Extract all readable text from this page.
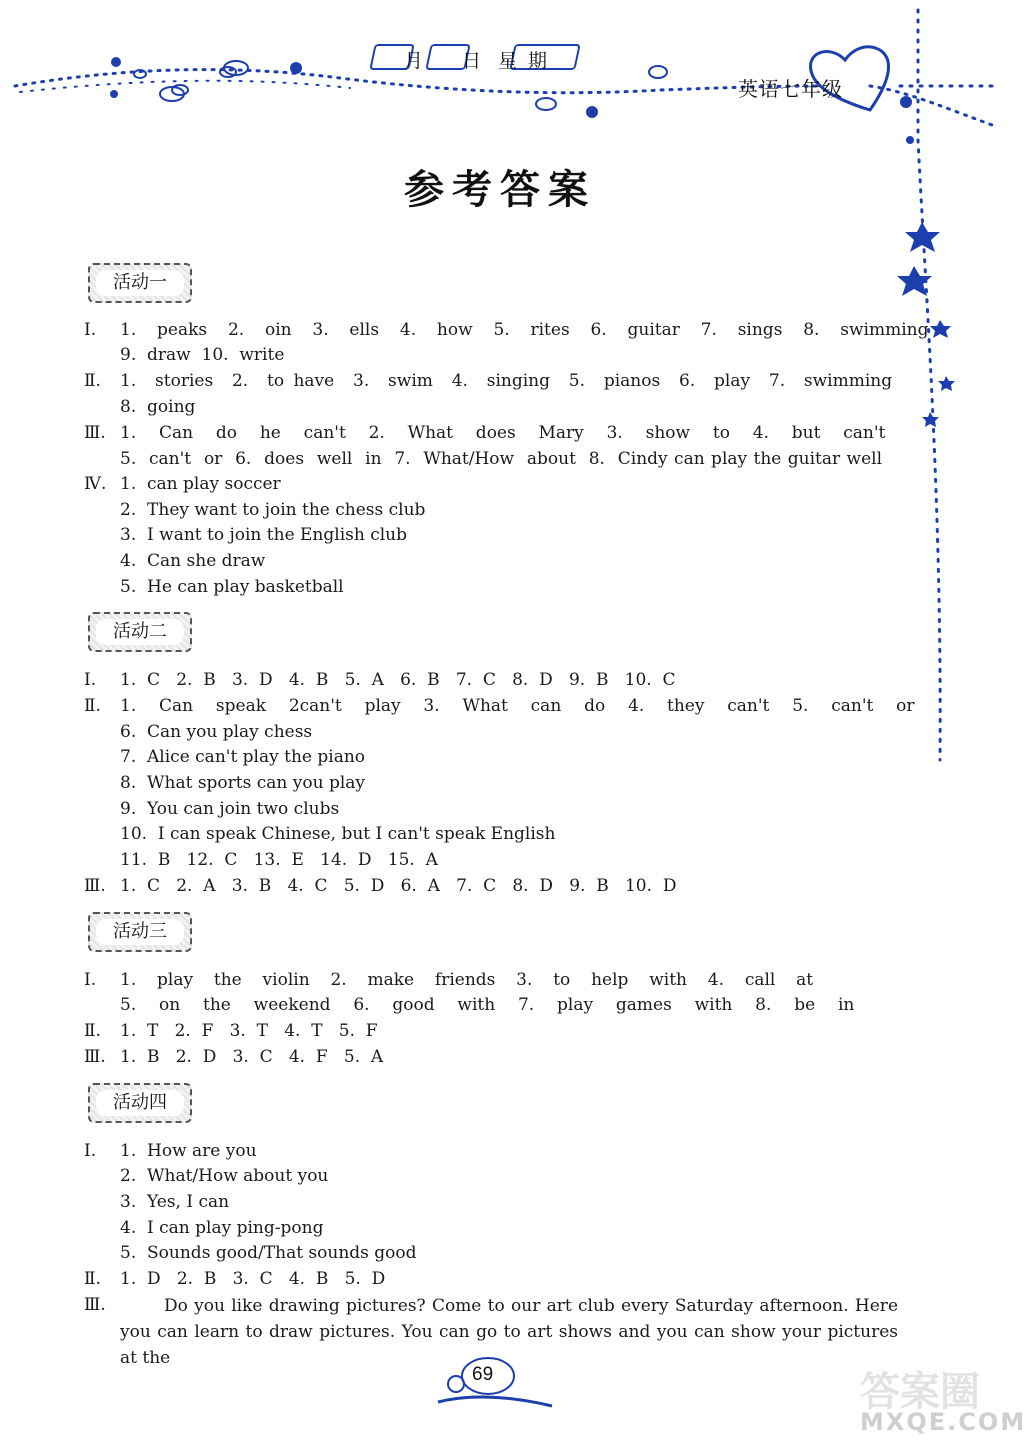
月 日 星 期
英语七年级
参考答案
活动一
Ⅰ. 1.  peaks  2.  oin  3.  ells  4.  how  5.  rites  6.  guitar  7.  sings  8.  swimming
9.  draw  10.  write
Ⅱ. 1.  stories  2.  to have  3.  swim  4.  singing  5.  pianos  6.  play  7.  swimming
8.  going
Ⅲ. 1.  Can  do  he  can't  2.  What  does  Mary  3.  show  to  4.  but  can't
5.  can't  or  6.  does  well  in  7.  What/How  about  8.  Cindy can play the guitar well
Ⅳ. 1.  can play soccer
2.  They want to join the chess club
3.  I want to join the English club
4.  Can she draw
5.  He can play basketball
活动二
Ⅰ. 1.  C   2.  B   3.  D   4.  B   5.  A   6.  B   7.  C   8.  D   9.  B   10.  C
Ⅱ. 1.  Can  speak  2can't  play  3.  What  can  do  4.  they  can't  5.  can't  or
6.  Can you play chess
7.  Alice can't play the piano
8.  What sports can you play
9.  You can join two clubs
10.  I can speak Chinese, but I can't speak English
11.  B   12.  C   13.  E   14.  D   15.  A
Ⅲ. 1.  C   2.  A   3.  B   4.  C   5.  D   6.  A   7.  C   8.  D   9.  B   10.  D
活动三
Ⅰ. 1.  play  the  violin  2.  make  friends  3.  to  help  with  4.  call  at
5.  on  the  weekend  6.  good  with  7.  play  games  with  8.  be  in
Ⅱ. 1.  T   2.  F   3.  T   4.  T   5.  F
Ⅲ. 1.  B   2.  D   3.  C   4.  F   5.  A
活动四
Ⅰ. 1.  How are you
2.  What/How about you
3.  Yes, I can
4.  I can play ping-pong
5.  Sounds good/That sounds good
Ⅱ. 1.  D   2.  B   3.  C   4.  B   5.  D
Ⅲ.	Do you like drawing pictures? Come to our art club every Saturday afternoon. Here you can learn to draw pictures. You can go to art shows and you can show your pictures at the
69	答案圈
MXQE.COM
